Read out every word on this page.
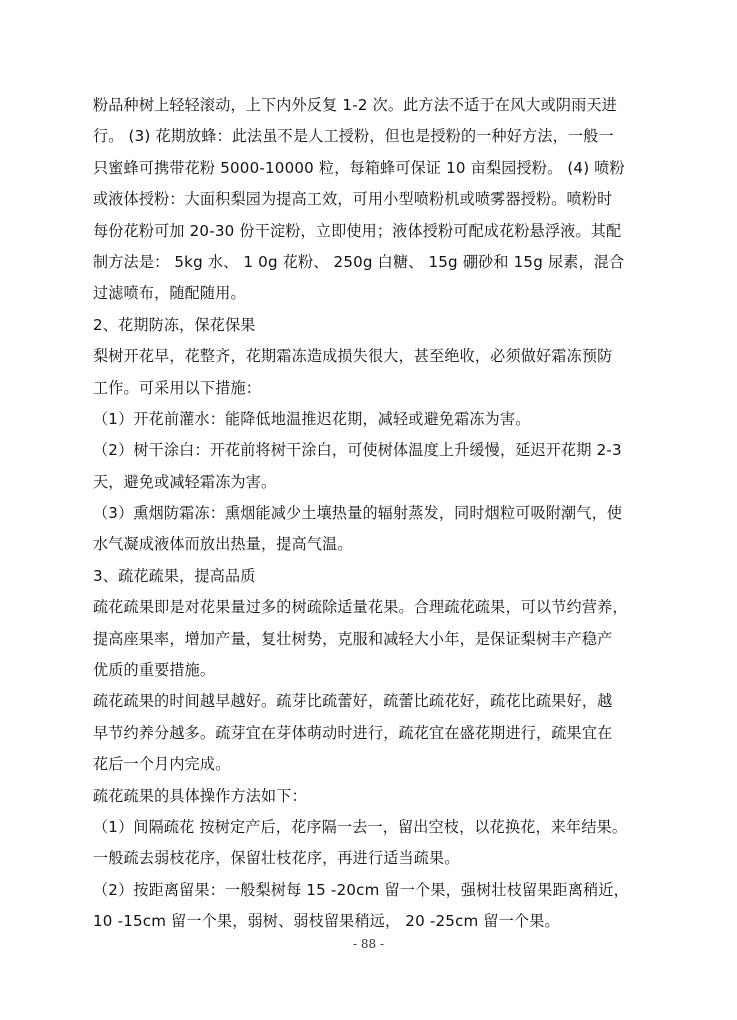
粉品种树上轻轻滚动，上下内外反复 1-2 次。此方法不适于在风大或阴雨天进
行。 (3) 花期放蜂：此法虽不是人工授粉，但也是授粉的一种好方法，一般一
只蜜蜂可携带花粉 5000-10000 粒，每箱蜂可保证 10 亩梨园授粉。 (4) 喷粉
或液体授粉：大面积梨园为提高工效，可用小型喷粉机或喷雾器授粉。喷粉时
每份花粉可加 20-30 份干淀粉，立即使用；液体授粉可配成花粉悬浮液。其配
制方法是： 5kg 水、 1 0g 花粉、 250g 白糖、 15g 硼砂和 15g 尿素，混合
过滤喷布，随配随用。
2、花期防冻，保花保果
梨树开花早，花整齐，花期霜冻造成损失很大，甚至绝收，必须做好霜冻预防
工作。可采用以下措施：
（1）开花前灌水：能降低地温推迟花期，减轻或避免霜冻为害。
（2）树干涂白：开花前将树干涂白，可使树体温度上升缓慢，延迟开花期 2-3
天，避免或减轻霜冻为害。
（3）熏烟防霜冻：熏烟能减少土壤热量的辐射蒸发，同时烟粒可吸附潮气，使
水气凝成液体而放出热量，提高气温。
3、疏花疏果，提高品质
疏花疏果即是对花果量过多的树疏除适量花果。合理疏花疏果，可以节约营养，
提高座果率，增加产量，复壮树势，克服和减轻大小年，是保证梨树丰产稳产
优质的重要措施。
疏花疏果的时间越早越好。疏芽比疏蕾好，疏蕾比疏花好，疏花比疏果好，越
早节约养分越多。疏芽宜在芽体萌动时进行，疏花宜在盛花期进行，疏果宜在
花后一个月内完成。
疏花疏果的具体操作方法如下：
（1）间隔疏花 按树定产后，花序隔一去一，留出空枝，以花换花，来年结果。
一般疏去弱枝花序，保留壮枝花序，再进行适当疏果。
（2）按距离留果：一般梨树每 15 -20cm 留一个果，强树壮枝留果距离稍近，
10 -15cm 留一个果，弱树、弱枝留果稍远， 20 -25cm 留一个果。
- 88 -
